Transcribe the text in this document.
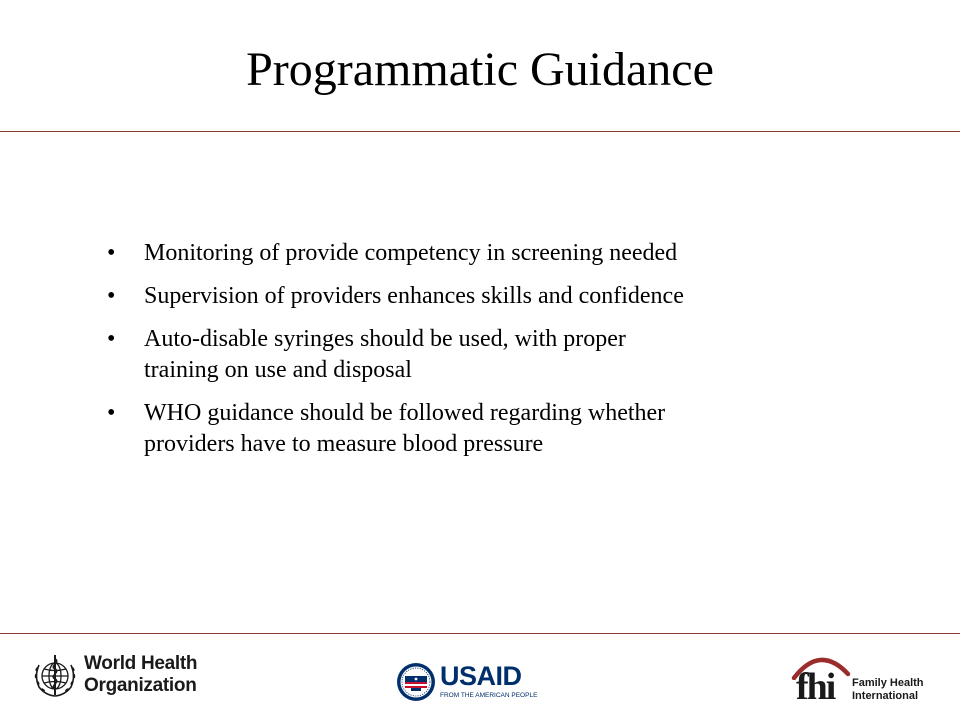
Programmatic Guidance
• Monitoring of provide competency in screening needed
• Supervision of providers enhances skills and confidence
• Auto-disable syringes should be used, with proper
training on use and disposal
• WHO guidance should be followed regarding whether
providers have to measure blood pressure
World Health
Organization	USAID
FROM THE AMERICAN PEOPLE	fhi Family Health
International
